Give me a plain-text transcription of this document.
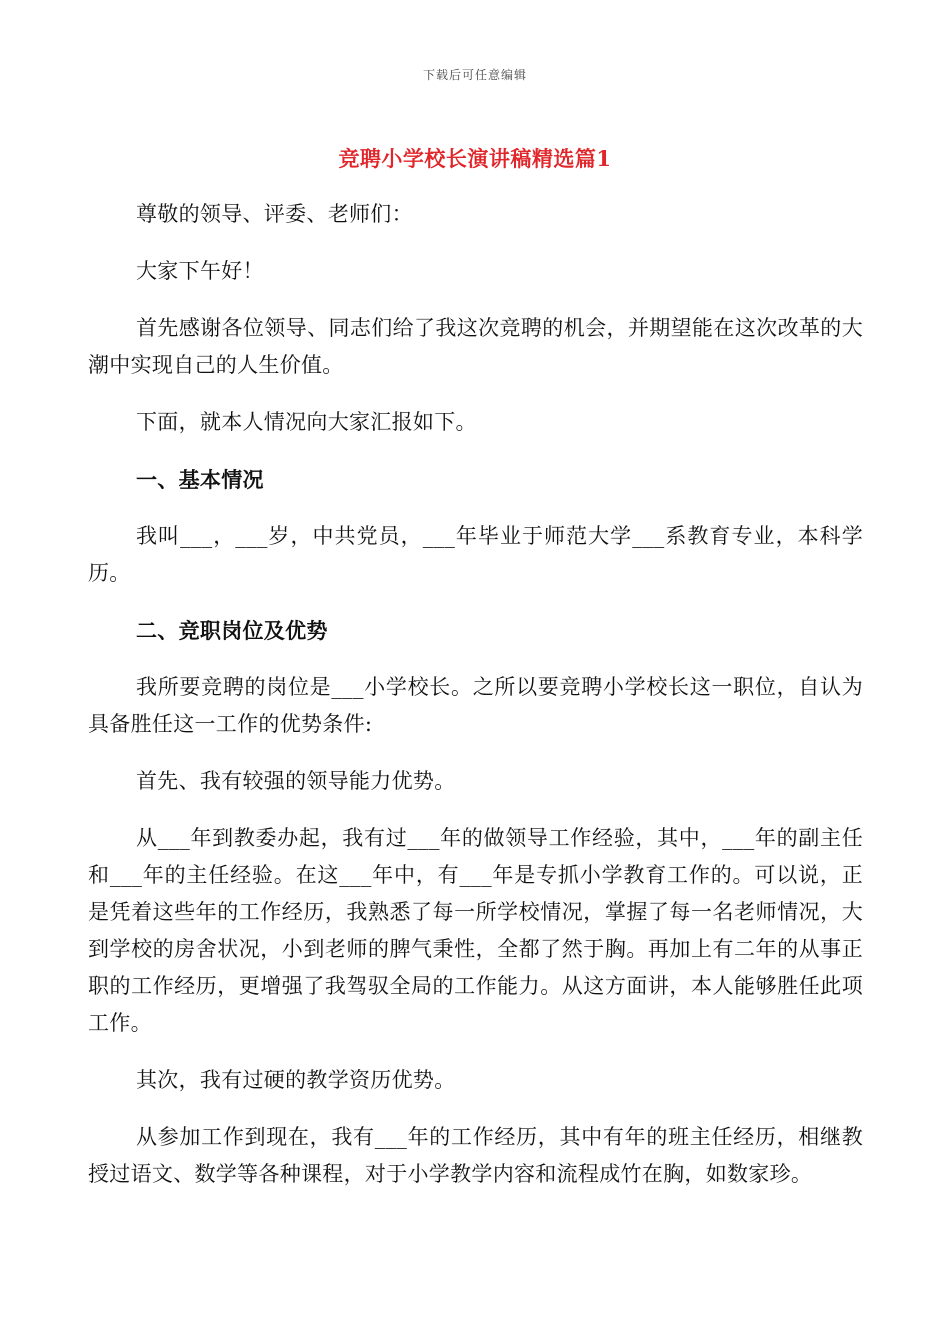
下载后可任意编辑
竞聘小学校长演讲稿精选篇1

尊敬的领导、评委、老师们：

大家下午好！

首先感谢各位领导、同志们给了我这次竞聘的机会，并期望能在这次改革的大潮中实现自己的人生价值。

下面，就本人情况向大家汇报如下。

一、基本情况

我叫___，___岁，中共党员，___年毕业于师范大学___系教育专业，本科学历。

二、竞职岗位及优势

我所要竞聘的岗位是___小学校长。之所以要竞聘小学校长这一职位，自认为具备胜任这一工作的优势条件:

首先、我有较强的领导能力优势。

从___年到教委办起，我有过___年的做领导工作经验，其中，___年的副主任和___年的主任经验。在这___年中，有___年是专抓小学教育工作的。可以说，正是凭着这些年的工作经历，我熟悉了每一所学校情况，掌握了每一名老师情况，大到学校的房舍状况，小到老师的脾气秉性，全都了然于胸。再加上有二年的从事正职的工作经历，更增强了我驾驭全局的工作能力。从这方面讲，本人能够胜任此项工作。

其次，我有过硬的教学资历优势。

从参加工作到现在，我有___年的工作经历，其中有年的班主任经历，相继教授过语文、数学等各种课程，对于小学教学内容和流程成竹在胸，如数家珍。
